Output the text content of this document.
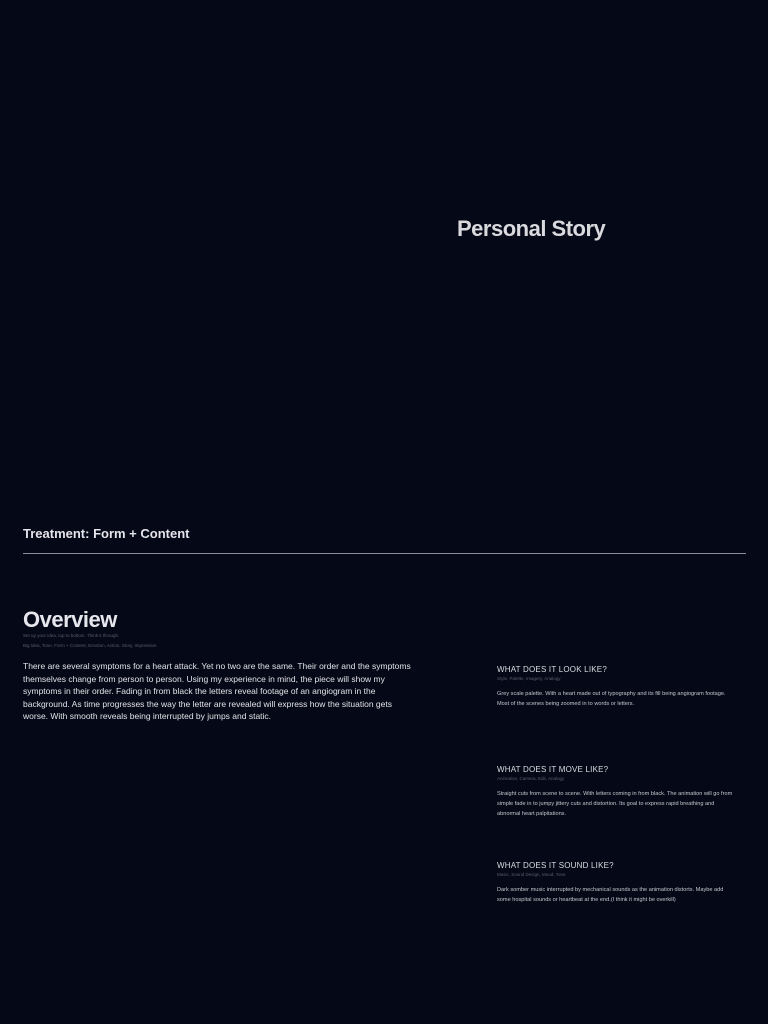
Personal Story
Treatment: Form + Content
Overview
Set up your idea, top to bottom. Think it through.
Big Idea, Tone, Form + Content, Emotion, Action, Story, Impression
There are several symptoms for a heart attack. Yet no two are the same. Their order and the symptoms themselves change from person to person. Using my experience in mind, the piece will show my symptoms in their order. Fading in from black the letters reveal footage of an angiogram in the background. As time progresses the way the letter are revealed will express how the situation gets worse. With smooth reveals being interrupted by jumps and static.
WHAT DOES IT LOOK LIKE?
Style, Palette, Imagery, Analogy
Grey scale palette. With a heart made out of typography and its fill being angiogram footage. Most of the scenes being zoomed in to words or letters.
WHAT DOES IT MOVE LIKE?
Animation, Camera, Edit, Analogy
Straight cuts from scene to scene. With letters coming in from black. The animation will go from simple fade in to jumpy jittery cuts and distortion. Its goal to express rapid breathing and abnormal heart palpitations.
WHAT DOES IT SOUND LIKE?
Music, Sound Design, Mood, Tone
Dark somber music interrupted by mechanical sounds as the animation distorts. Maybe add some hospital sounds or heartbeat at the end.(I think it might be overkill)
